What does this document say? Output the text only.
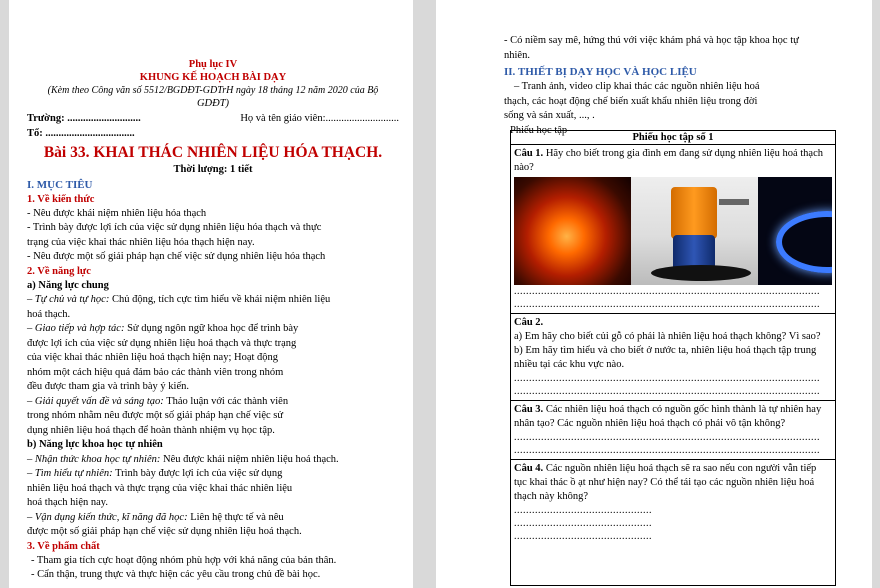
Phụ lục IV
KHUNG KẾ HOẠCH BÀI DẠY
(Kèm theo Công văn số 5512/BGDĐT-GDTrH ngày 18 tháng 12 năm 2020 của Bộ
GDĐT)
Trường: ............................	Họ và tên giáo viên:............................
Tổ: ..................................
Bài 33. KHAI THÁC NHIÊN LIỆU HÓA THẠCH.
Thời lượng: 1 tiết
I. MỤC TIÊU
1. Về kiến thức
- Nêu được khái niệm nhiên liệu hóa thạch
- Trình bày được lợi ích của việc sử dụng nhiên liệu hóa thạch và thực
trạng của việc khai thác nhiên liệu hóa thạch hiện nay.
- Nêu được một số giải pháp hạn chế việc sử dụng nhiên liệu hóa thạch
2. Về năng lực
a) Năng lực chung
– Tự chủ và tự học: Chủ động, tích cực tìm hiểu về khái niệm nhiên liệu
hoá thạch.
– Giao tiếp và hợp tác: Sử dụng ngôn ngữ khoa học để trình bày
được lợi ích của việc sử dụng nhiên liệu hoá thạch và thực trạng
của việc khai thác nhiên liệu hoá thạch hiện nay; Hoạt động
nhóm một cách hiệu quả đảm bảo các thành viên trong nhóm
đều được tham gia và trình bày ý kiến.
– Giải quyết vấn đề và sáng tạo: Thảo luận với các thành viên
trong nhóm nhằm nêu được một số giải pháp hạn chế việc sử
dụng nhiên liệu hoá thạch để hoàn thành nhiệm vụ học tập.
b) Năng lực khoa học tự nhiên
– Nhận thức khoa học tự nhiên: Nêu được khái niệm nhiên liệu hoá thạch.
– Tìm hiểu tự nhiên: Trình bày được lợi ích của việc sử dụng
nhiên liệu hoá thạch và thực trạng của việc khai thác nhiên liệu
hoá thạch hiện nay.
– Vận dụng kiến thức, kĩ năng đã học: Liên hệ thực tế và nêu
được một số giải pháp hạn chế việc sử dụng nhiên liệu hoá thạch.
3. Về phẩm chất
- Tham gia tích cực hoạt động nhóm phù hợp với khả năng của bản thân.
- Cẩn thận, trung thực và thực hiện các yêu cầu trong chủ đề bài học.
- Có niềm say mê, hứng thú với việc khám phá và học tập khoa học tự
nhiên.
II. THIẾT BỊ DẠY HỌC VÀ HỌC LIỆU
– Tranh ảnh, video clip khai thác các nguồn nhiên liệu hoá
thạch, các hoạt động chế biến xuất khẩu nhiên liệu trong đời
sống và sản xuất, ..., .
Phiếu học tập
Phiếu học tập số 1
Câu 1. Hãy cho biết trong gia đình em đang sử dụng nhiên liệu hoá thạch
nào?
......................................................................................................
......................................................................................................
Câu 2.
a) Em hãy cho biết củi gỗ có phải là nhiên liệu hoá thạch không? Vì sao?
b) Em hãy tìm hiểu và cho biết ở nước ta, nhiên liệu hoá thạch tập trung
nhiều tại các khu vực nào.
......................................................................................................
......................................................................................................
Câu 3. Các nhiên liệu hoá thạch có nguồn gốc hình thành là tự nhiên hay
nhân tạo? Các nguồn nhiên liệu hoá thạch có phải vô tận không?
......................................................................................................
......................................................................................................
Câu 4. Các nguồn nhiên liệu hoá thạch sẽ ra sao nếu con người vẫn tiếp
tục khai thác ồ ạt như hiện nay? Có thể tái tạo các nguồn nhiên liệu hoá
thạch này không?
..............................................
..............................................
..............................................
